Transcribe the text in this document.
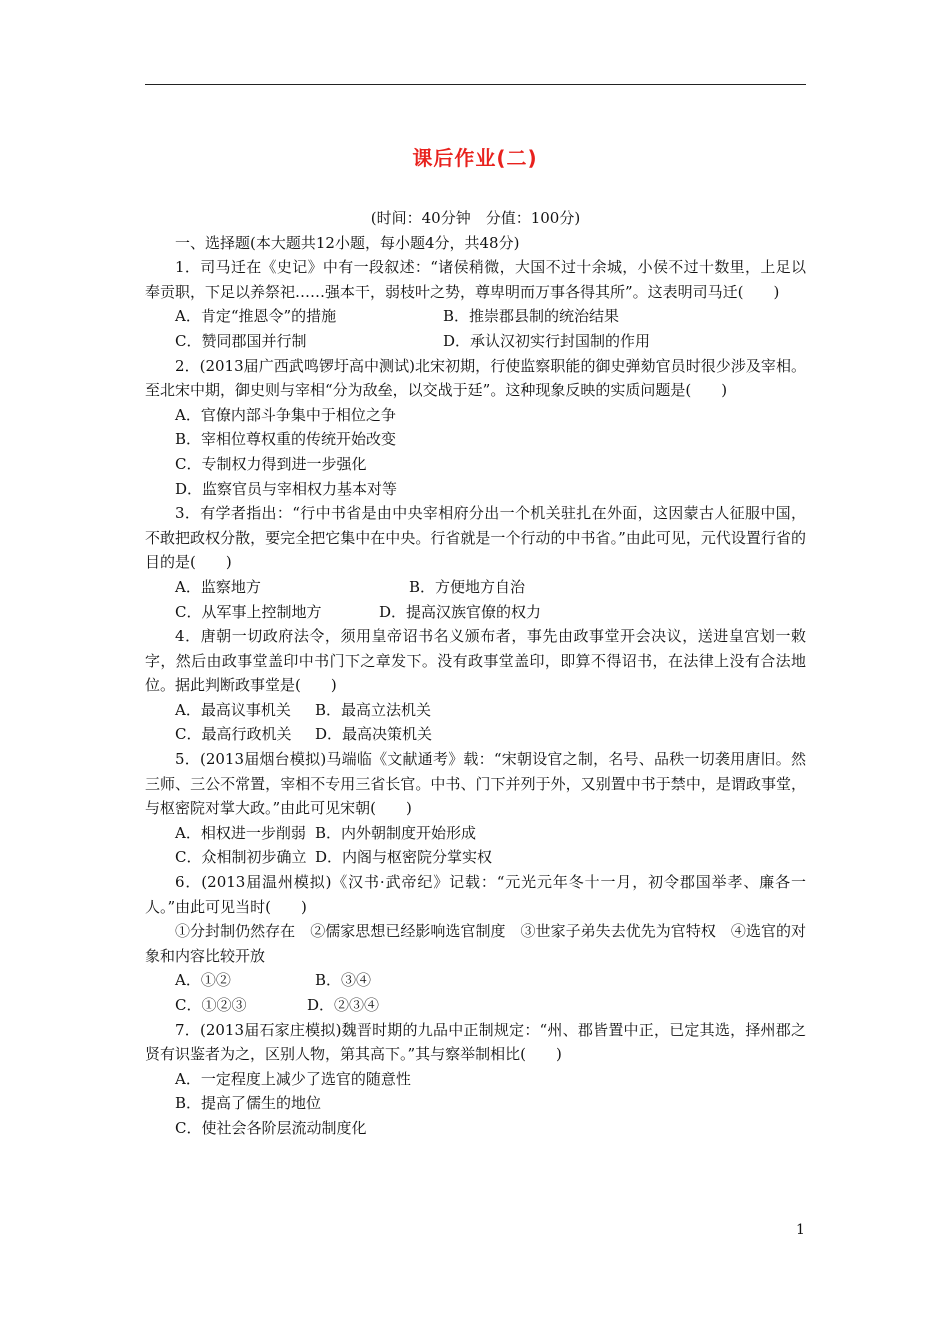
课后作业(二)
(时间：40分钟　分值：100分)
一、选择题(本大题共12小题，每小题4分，共48分)

1．司马迁在《史记》中有一段叙述：“诸侯稍微，大国不过十余城，小侯不过十数里，上足以奉贡职，下足以养祭祀……强本干，弱枝叶之势，尊卑明而万事各得其所”。这表明司马迁(　　)

A．肯定“推恩令”的措施	B．推崇郡县制的统治结果
C．赞同郡国并行制	D．承认汉初实行封国制的作用

2．(2013届广西武鸣锣圩高中测试)北宋初期，行使监察职能的御史弹劾官员时很少涉及宰相。至北宋中期，御史则与宰相“分为敌垒，以交战于廷”。这种现象反映的实质问题是(　　)

A．官僚内部斗争集中于相位之争
B．宰相位尊权重的传统开始改变
C．专制权力得到进一步强化
D．监察官员与宰相权力基本对等

3．有学者指出：“行中书省是由中央宰相府分出一个机关驻扎在外面，这因蒙古人征服中国，不敢把政权分散，要完全把它集中在中央。行省就是一个行动的中书省。”由此可见，元代设置行省的目的是(　　)

A．监察地方	B．方便地方自治
C．从军事上控制地方	D．提高汉族官僚的权力

4．唐朝一切政府法令，须用皇帝诏书名义颁布者，事先由政事堂开会决议，送进皇宫划一敕字，然后由政事堂盖印中书门下之章发下。没有政事堂盖印，即算不得诏书，在法律上没有合法地位。据此判断政事堂是(　　)

A．最高议事机关 B．最高立法机关
C．最高行政机关 D．最高决策机关

5．(2013届烟台模拟)马端临《文献通考》载：“宋朝设官之制，名号、品秩一切袭用唐旧。然三师、三公不常置，宰相不专用三省长官。中书、门下并列于外，又别置中书于禁中，是谓政事堂，与枢密院对掌大政。”由此可见宋朝(　　)

A．相权进一步削弱 B．内外朝制度开始形成
C．众相制初步确立 D．内阁与枢密院分掌实权

6．(2013届温州模拟)《汉书·武帝纪》记载：“元光元年冬十一月，初令郡国举孝、廉各一人。”由此可见当时(　　)

①分封制仍然存在　②儒家思想已经影响选官制度　③世家子弟失去优先为官特权　④选官的对象和内容比较开放

A．①②	B．③④
C．①②③	D．②③④

7．(2013届石家庄模拟)魏晋时期的九品中正制规定：“州、郡皆置中正，已定其选，择州郡之贤有识鉴者为之，区别人物，第其高下。”其与察举制相比(　　)

A．一定程度上减少了选官的随意性
B．提高了儒生的地位
C．使社会各阶层流动制度化
1
